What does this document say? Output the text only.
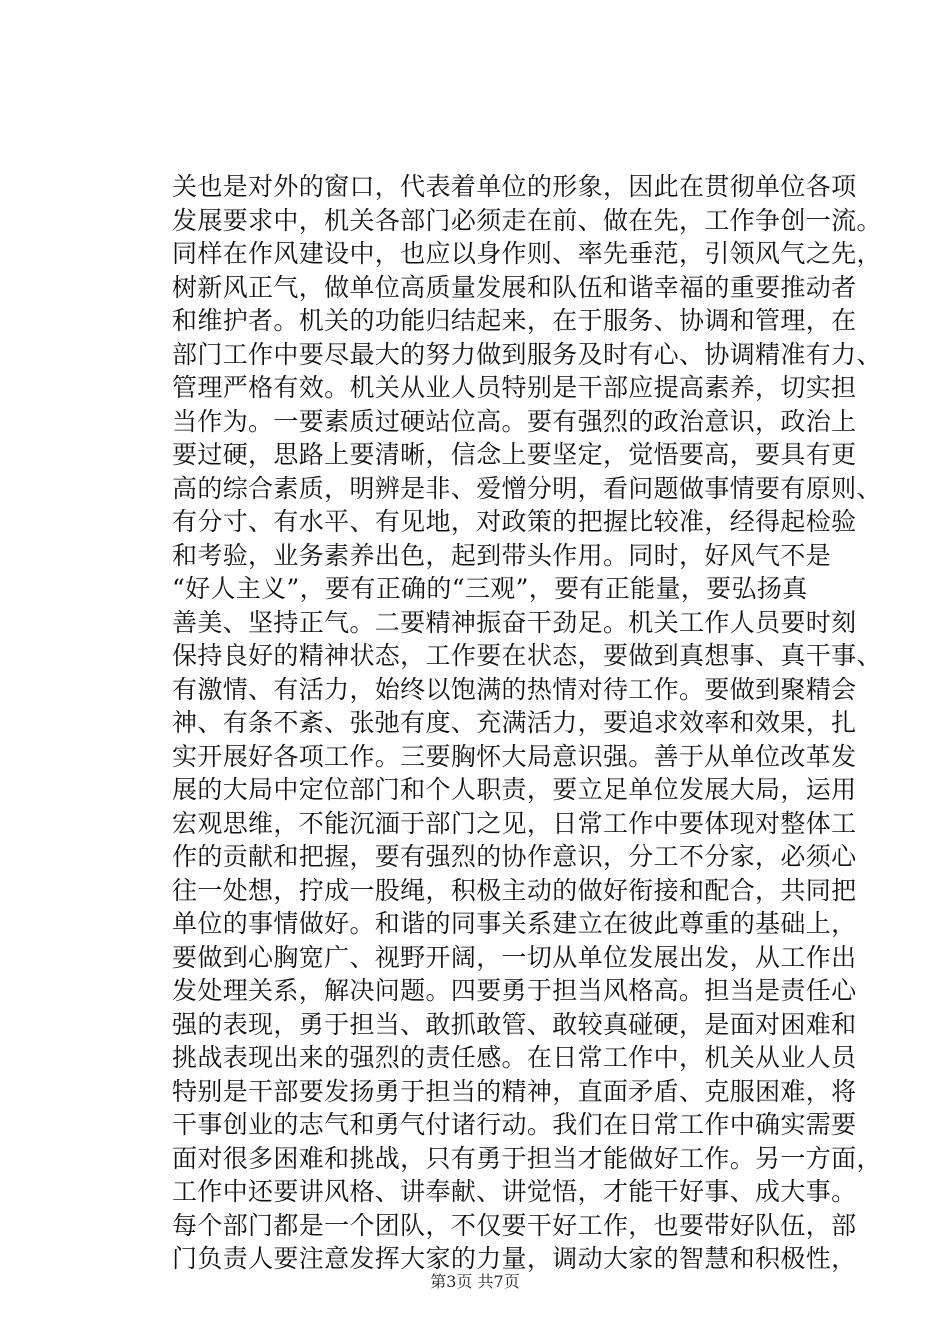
关也是对外的窗口，代表着单位的形象，因此在贯彻单位各项
发展要求中，机关各部门必须走在前、做在先，工作争创一流。
同样在作风建设中，也应以身作则、率先垂范，引领风气之先，
树新风正气，做单位高质量发展和队伍和谐幸福的重要推动者
和维护者。机关的功能归结起来，在于服务、协调和管理，在
部门工作中要尽最大的努力做到服务及时有心、协调精准有力、
管理严格有效。机关从业人员特别是干部应提高素养，切实担
当作为。一要素质过硬站位高。要有强烈的政治意识，政治上
要过硬，思路上要清晰，信念上要坚定，觉悟要高，要具有更
高的综合素质，明辨是非、爱憎分明，看问题做事情要有原则、
有分寸、有水平、有见地，对政策的把握比较准，经得起检验
和考验，业务素养出色，起到带头作用。同时，好风气不是
“好人主义”，要有正确的“三观”，要有正能量，要弘扬真
善美、坚持正气。二要精神振奋干劲足。机关工作人员要时刻
保持良好的精神状态，工作要在状态，要做到真想事、真干事、
有激情、有活力，始终以饱满的热情对待工作。要做到聚精会
神、有条不紊、张弛有度、充满活力，要追求效率和效果，扎
实开展好各项工作。三要胸怀大局意识强。善于从单位改革发
展的大局中定位部门和个人职责，要立足单位发展大局，运用
宏观思维，不能沉湎于部门之见，日常工作中要体现对整体工
作的贡献和把握，要有强烈的协作意识，分工不分家，必须心
往一处想，拧成一股绳，积极主动的做好衔接和配合，共同把
单位的事情做好。和谐的同事关系建立在彼此尊重的基础上，
要做到心胸宽广、视野开阔，一切从单位发展出发，从工作出
发处理关系，解决问题。四要勇于担当风格高。担当是责任心
强的表现，勇于担当、敢抓敢管、敢较真碰硬，是面对困难和
挑战表现出来的强烈的责任感。在日常工作中，机关从业人员
特别是干部要发扬勇于担当的精神，直面矛盾、克服困难，将
干事创业的志气和勇气付诸行动。我们在日常工作中确实需要
面对很多困难和挑战，只有勇于担当才能做好工作。另一方面，
工作中还要讲风格、讲奉献、讲觉悟，才能干好事、成大事。
每个部门都是一个团队，不仅要干好工作，也要带好队伍，部
门负责人要注意发挥大家的力量，调动大家的智慧和积极性，
第3页 共7页
